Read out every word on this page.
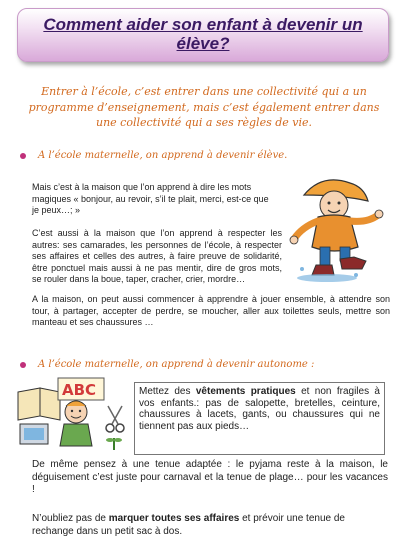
Comment aider son enfant à devenir un élève?
Entrer à l’école, c’est entrer dans une collectivité qui a un programme d’enseignement, mais c’est également entrer dans une collectivité qui a ses règles de vie.
A l’école maternelle, on apprend à devenir élève.
Mais c’est à la maison que l’on apprend à dire les mots magiques « bonjour, au revoir, s’il te plait, merci, est-ce que je peux…; »
C’est aussi à la maison que l’on apprend à respecter les autres: ses camarades, les personnes de l’école, à respecter ses affaires et celles des autres, à faire preuve de solidarité, être ponctuel mais aussi à ne pas mentir, dire de gros mots, se rouler dans la boue, taper, cracher, crier, mordre…
A la maison, on peut aussi commencer à apprendre à jouer ensemble, à attendre son tour, à partager, accepter de perdre, se moucher, aller aux toilettes seuls, mettre son manteau et ses chaussures …
A l’école maternelle, on apprend à devenir autonome :
ABC	Mettez des vêtements pratiques et non fragiles à vos enfants.: pas de salopette, bretelles, ceinture, chaussures à lacets, gants, ou chaussures qui ne tiennent pas aux pieds…
De même pensez à une tenue adaptée : le pyjama reste à la maison, le déguisement c’est juste pour carnaval et la tenue de plage… pour les vacances !
N’oubliez pas de marquer toutes ses affaires et prévoir une tenue de rechange dans un petit sac à dos.
